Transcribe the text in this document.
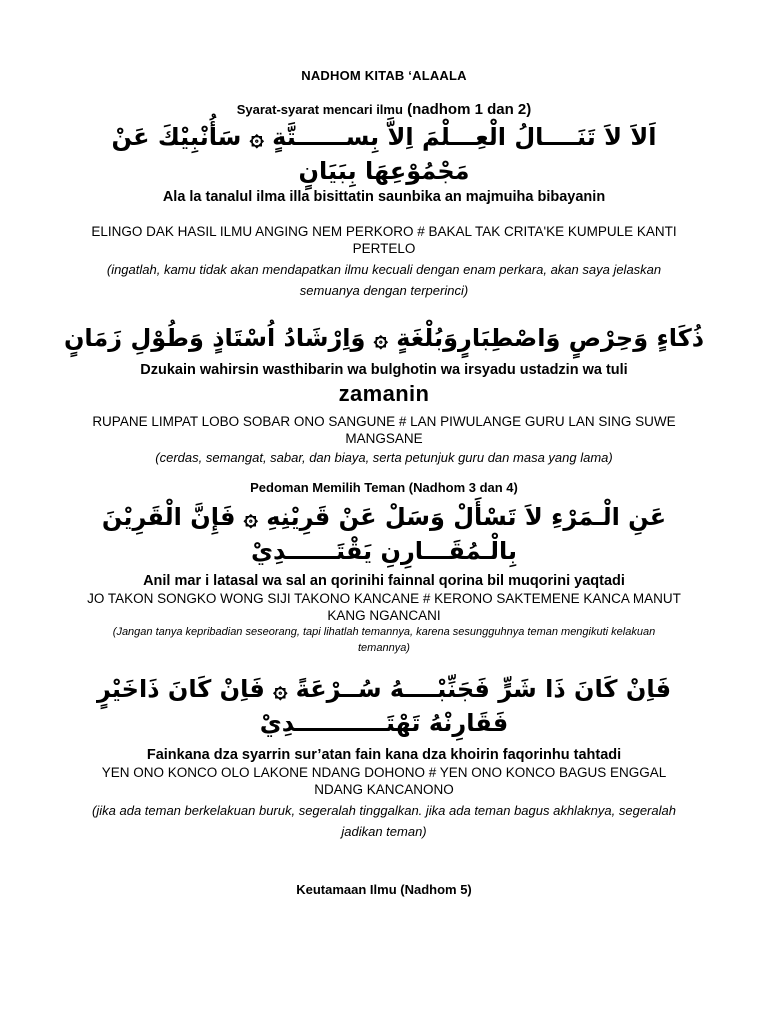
NADHOM KITAB ‘ALAALA

Syarat-syarat mencari ilmu (nadhom 1 dan 2)

اَلاَ لاَ تَنَــــالُ الْعِـــلْمَ اِلاَّ بِســــــتَّةٍ ۞ سَأُنْبِيْكَ عَنْ مَجْمُوْعِهَا بِبَيَانٍ

Ala la tanalul ilma illa bisittatin saunbika an majmuiha bibayanin

ELINGO DAK HASIL ILMU ANGING NEM PERKORO # BAKAL TAK CRITA'KE KUMPULE KANTI PERTELO

(ingatlah, kamu tidak akan mendapatkan ilmu kecuali dengan enam perkara, akan saya jelaskan semuanya dengan terperinci)

ذُكَاءٍ وَحِرْصٍ وَاصْطِبَارٍوَبُلْغَةٍ ۞ وَاِرْشَادُ اُسْتَاذٍ وَطُوْلِ زَمَانٍ

Dzukain wahirsin wasthibarin wa bulghotin wa irsyadu ustadzin wa tuli

zamanin

RUPANE LIMPAT LOBO SOBAR ONO SANGUNE # LAN PIWULANGE GURU LAN SING SUWE MANGSANE

(cerdas, semangat, sabar, dan biaya, serta petunjuk guru dan masa yang lama)

Pedoman Memilih Teman (Nadhom 3 dan 4)

عَنِ الْـمَرْءِ لاَ تَسْأَلْ وَسَلْ عَنْ قَرِيْنِهِ ۞ فَإِنَّ الْقَرِيْنَ بِالْـمُقَـــارِنِ يَقْتَــــــدِيْ

Anil mar i latasal wa sal an qorinihi fainnal qorina bil muqorini yaqtadi

JO TAKON SONGKO WONG SIJI TAKONO KANCANE # KERONO SAKTEMENE KANCA MANUT KANG NGANCANI

(Jangan tanya kepribadian seseorang, tapi lihatlah temannya, karena sesungguhnya teman mengikuti kelakuan temannya)

فَاِنْ كَانَ ذَا شَرٍّ فَجَنِّبْــــهُ سُــرْعَةً ۞ فَاِنْ كَانَ ذَاخَيْرٍ فَقَارِنْهُ تَهْتَـــــــــــدِيْ

Fainkana dza syarrin sur’atan fain kana dza khoirin faqorinhu tahtadi

YEN ONO KONCO OLO LAKONE NDANG DOHONO # YEN ONO KONCO BAGUS ENGGAL NDANG KANCANONO

(jika ada teman berkelakuan buruk, segeralah tinggalkan. jika ada teman bagus akhlaknya, segeralah jadikan teman)

Keutamaan Ilmu (Nadhom 5)
